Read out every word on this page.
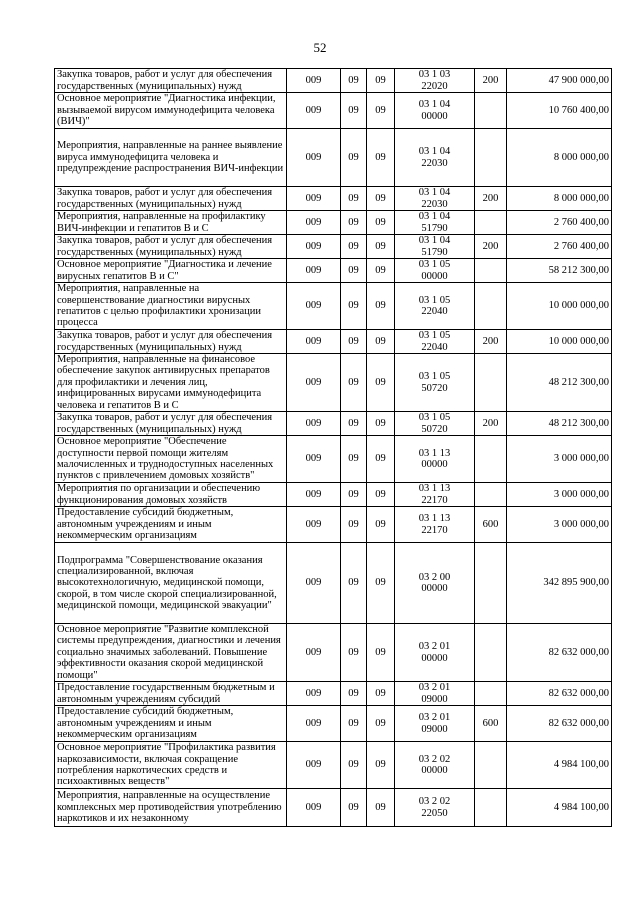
52
Закупка товаров, работ и услуг для обеспечения государственных (муниципальных) нужд	009	09	09	03 1 03
22020	200	47 900 000,00
Основное мероприятие "Диагностика инфекции, вызываемой вирусом иммунодефицита человека (ВИЧ)"	009	09	09	03 1 04
00000		10 760 400,00
Мероприятия, направленные на раннее выявление вируса иммунодефицита человека и предупреждение распространения ВИЧ-инфекции	009	09	09	03 1 04
22030		8 000 000,00
Закупка товаров, работ и услуг для обеспечения государственных (муниципальных) нужд	009	09	09	03 1 04
22030	200	8 000 000,00
Мероприятия, направленные на профилактику ВИЧ-инфекции и гепатитов В и С	009	09	09	03 1 04
51790		2 760 400,00
Закупка товаров, работ и услуг для обеспечения государственных (муниципальных) нужд	009	09	09	03 1 04
51790	200	2 760 400,00
Основное мероприятие "Диагностика и лечение вирусных гепатитов В и С"	009	09	09	03 1 05
00000		58 212 300,00
Мероприятия, направленные на совершенствование диагностики вирусных гепатитов с целью профилактики хронизации процесса	009	09	09	03 1 05
22040		10 000 000,00
Закупка товаров, работ и услуг для обеспечения государственных (муниципальных) нужд	009	09	09	03 1 05
22040	200	10 000 000,00
Мероприятия, направленные на финансовое обеспечение закупок антивирусных препаратов для профилактики и лечения лиц, инфицированных вирусами иммунодефицита человека и гепатитов В и С	009	09	09	03 1 05
50720		48 212 300,00
Закупка товаров, работ и услуг для обеспечения государственных (муниципальных) нужд	009	09	09	03 1 05
50720	200	48 212 300,00
Основное мероприятие "Обеспечение доступности первой помощи жителям малочисленных и труднодоступных населенных пунктов с привлечением домовых хозяйств"	009	09	09	03 1 13
00000		3 000 000,00
Мероприятия по организации и обеспечению функционирования домовых хозяйств	009	09	09	03 1 13
22170		3 000 000,00
Предоставление субсидий бюджетным, автономным учреждениям и иным некоммерческим организациям	009	09	09	03 1 13
22170	600	3 000 000,00
Подпрограмма "Совершенствование оказания специализированной, включая высокотехнологичную, медицинской помощи, скорой, в том числе скорой специализированной, медицинской помощи, медицинской эвакуации"	009	09	09	03 2 00
00000		342 895 900,00
Основное мероприятие "Развитие комплексной системы предупреждения, диагностики и лечения социально значимых заболеваний. Повышение эффективности оказания скорой медицинской помощи"	009	09	09	03 2 01
00000		82 632 000,00
Предоставление государственным бюджетным и автономным учреждениям субсидий	009	09	09	03 2 01
09000		82 632 000,00
Предоставление субсидий бюджетным, автономным учреждениям и иным некоммерческим организациям	009	09	09	03 2 01
09000	600	82 632 000,00
Основное мероприятие "Профилактика развития наркозависимости, включая сокращение потребления наркотических средств и психоактивных веществ"	009	09	09	03 2 02
00000		4 984 100,00
Мероприятия, направленные на осуществление комплексных мер противодействия употреблению наркотиков и их незаконному	009	09	09	03 2 02
22050		4 984 100,00
